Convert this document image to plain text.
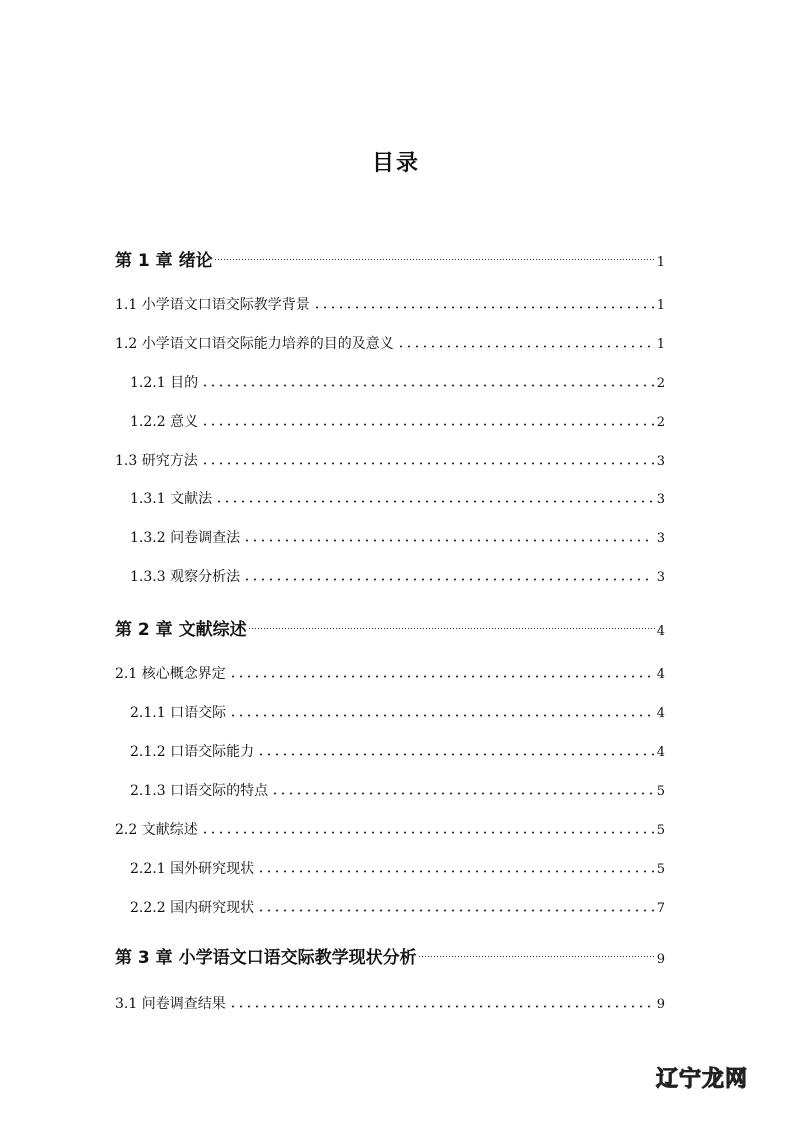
目录
第 1 章 绪论	1
1.1 小学语文口语交际教学背景	1
1.2 小学语文口语交际能力培养的目的及意义	1
1.2.1 目的	2
1.2.2 意义	2
1.3 研究方法	3
1.3.1 文献法	3
1.3.2 问卷调查法	3
1.3.3 观察分析法	3
第 2 章 文献综述	4
2.1 核心概念界定	4
2.1.1 口语交际	4
2.1.2 口语交际能力	4
2.1.3 口语交际的特点	5
2.2 文献综述	5
2.2.1 国外研究现状	5
2.2.2 国内研究现状	7
第 3 章 小学语文口语交际教学现状分析	9
3.1 问卷调查结果	9
辽宁龙网
